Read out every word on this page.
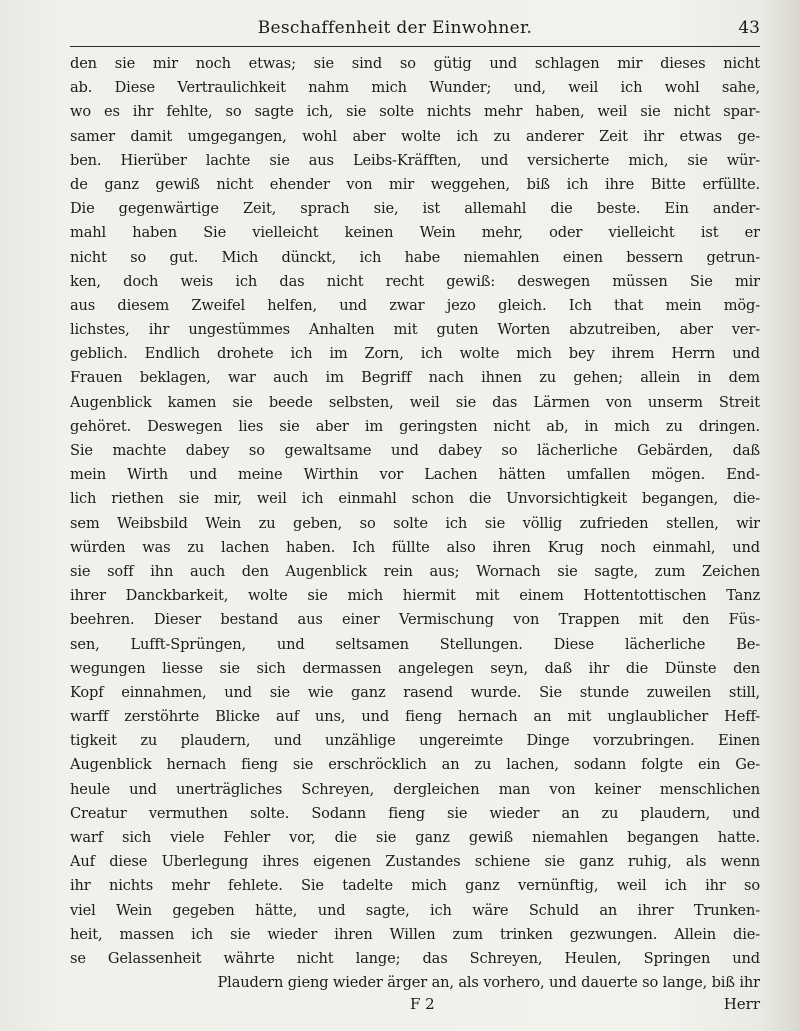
Beschaffenheit der Einwohner.	43
den sie mir noch etwas; sie sind so gütig und schlagen mir dieses nicht
ab. Diese Vertraulichkeit nahm mich Wunder; und, weil ich wohl sahe,
wo es ihr fehlte, so sagte ich, sie solte nichts mehr haben, weil sie nicht spar-
samer damit umgegangen, wohl aber wolte ich zu anderer Zeit ihr etwas ge-
ben. Hierüber lachte sie aus Leibs-Kräfften, und versicherte mich, sie wür-
de ganz gewiß nicht ehender von mir weggehen, biß ich ihre Bitte erfüllte.
Die gegenwärtige Zeit, sprach sie, ist allemahl die beste. Ein ander-
mahl haben Sie vielleicht keinen Wein mehr, oder vielleicht ist er
nicht so gut. Mich dünckt, ich habe niemahlen einen bessern getrun-
ken, doch weis ich das nicht recht gewiß: deswegen müssen Sie mir
aus diesem Zweifel helfen, und zwar jezo gleich. Ich that mein mög-
lichstes, ihr ungestümmes Anhalten mit guten Worten abzutreiben, aber ver-
geblich. Endlich drohete ich im Zorn, ich wolte mich bey ihrem Herrn und
Frauen beklagen, war auch im Begriff nach ihnen zu gehen; allein in dem
Augenblick kamen sie beede selbsten, weil sie das Lärmen von unserm Streit
gehöret. Deswegen lies sie aber im geringsten nicht ab, in mich zu dringen.
Sie machte dabey so gewaltsame und dabey so lächerliche Gebärden, daß
mein Wirth und meine Wirthin vor Lachen hätten umfallen mögen. End-
lich riethen sie mir, weil ich einmahl schon die Unvorsichtigkeit begangen, die-
sem Weibsbild Wein zu geben, so solte ich sie völlig zufrieden stellen, wir
würden was zu lachen haben. Ich füllte also ihren Krug noch einmahl, und
sie soff ihn auch den Augenblick rein aus; Wornach sie sagte, zum Zeichen
ihrer Danckbarkeit, wolte sie mich hiermit mit einem Hottentottischen Tanz
beehren. Dieser bestand aus einer Vermischung von Trappen mit den Füs-
sen, Lufft-Sprüngen, und seltsamen Stellungen. Diese lächerliche Be-
wegungen liesse sie sich dermassen angelegen seyn, daß ihr die Dünste den
Kopf einnahmen, und sie wie ganz rasend wurde. Sie stunde zuweilen still,
warff zerstöhrte Blicke auf uns, und fieng hernach an mit unglaublicher Heff-
tigkeit zu plaudern, und unzählige ungereimte Dinge vorzubringen. Einen
Augenblick hernach fieng sie erschröcklich an zu lachen, sodann folgte ein Ge-
heule und unerträgliches Schreyen, dergleichen man von keiner menschlichen
Creatur vermuthen solte. Sodann fieng sie wieder an zu plaudern, und
warf sich viele Fehler vor, die sie ganz gewiß niemahlen begangen hatte.
Auf diese Uberlegung ihres eigenen Zustandes schiene sie ganz ruhig, als wenn
ihr nichts mehr fehlete. Sie tadelte mich ganz vernünftig, weil ich ihr so
viel Wein gegeben hätte, und sagte, ich wäre Schuld an ihrer Trunken-
heit, massen ich sie wieder ihren Willen zum trinken gezwungen. Allein die-
se Gelassenheit währte nicht lange; das Schreyen, Heulen, Springen und
Plaudern gieng wieder ärger an, als vorhero, und dauerte so lange, biß ihr
F 2	Herr
